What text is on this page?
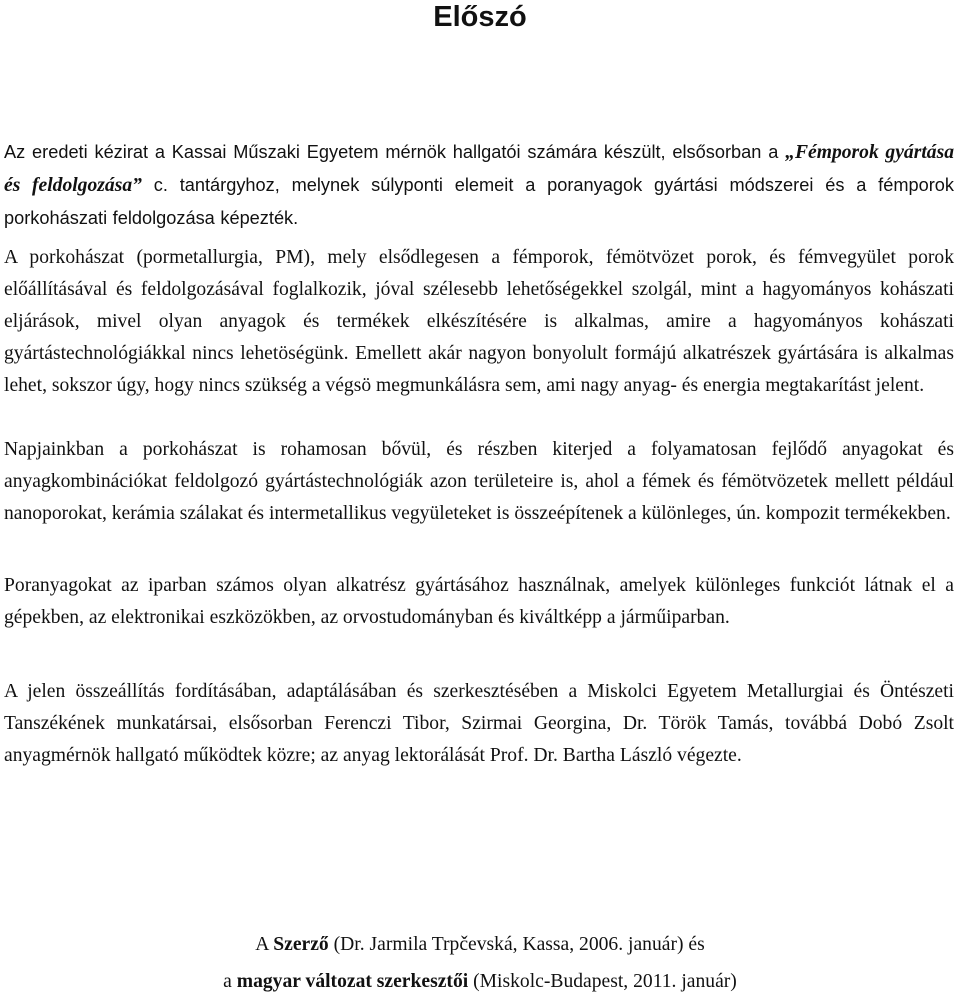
Előszó

Az eredeti kézirat a Kassai Műszaki Egyetem mérnök hallgatói számára készült, elsősorban a „Fémporok gyártása és feldolgozása” c. tantárgyhoz, melynek súlyponti elemeit a poranyagok gyártási módszerei és a fémporok porkohászati feldolgozása képezték.

A porkohászat (pormetallurgia, PM), mely elsődlegesen a fémporok, fémötvözet porok, és fémvegyület porok előállításával és feldolgozásával foglalkozik, jóval szélesebb lehetőségekkel szolgál, mint a hagyományos kohászati eljárások, mivel olyan anyagok és termékek elkészítésére is alkalmas, amire a hagyományos kohászati gyártástechnológiákkal nincs lehetöségünk. Emellett akár nagyon bonyolult formájú alkatrészek gyártására is alkalmas lehet, sokszor úgy, hogy nincs szükség a végsö megmunkálásra sem, ami nagy anyag- és energia megtakarítást jelent.

Napjainkban a porkohászat is rohamosan bővül, és részben kiterjed a folyamatosan fejlődő anyagokat és anyagkombinációkat feldolgozó gyártástechnológiák azon területeire is, ahol a fémek és fémötvözetek mellett például nanoporokat, kerámia szálakat és intermetallikus vegyületeket is összeépítenek a különleges, ún. kompozit termékekben.

Poranyagokat az iparban számos olyan alkatrész gyártásához használnak, amelyek különleges funkciót látnak el a gépekben, az elektronikai eszközökben, az orvostudományban és kiváltképp a járműiparban.

A jelen összeállítás fordításában, adaptálásában és szerkesztésében a Miskolci Egyetem Metallurgiai és Öntészeti Tanszékének munkatársai, elsősorban Ferenczi Tibor, Szirmai Georgina, Dr. Török Tamás, továbbá Dobó Zsolt anyagmérnök hallgató működtek közre; az anyag lektorálását Prof. Dr. Bartha László végezte.

A Szerző (Dr. Jarmila Trpčevská, Kassa, 2006. január) és

a magyar változat szerkesztői (Miskolc-Budapest, 2011. január)
